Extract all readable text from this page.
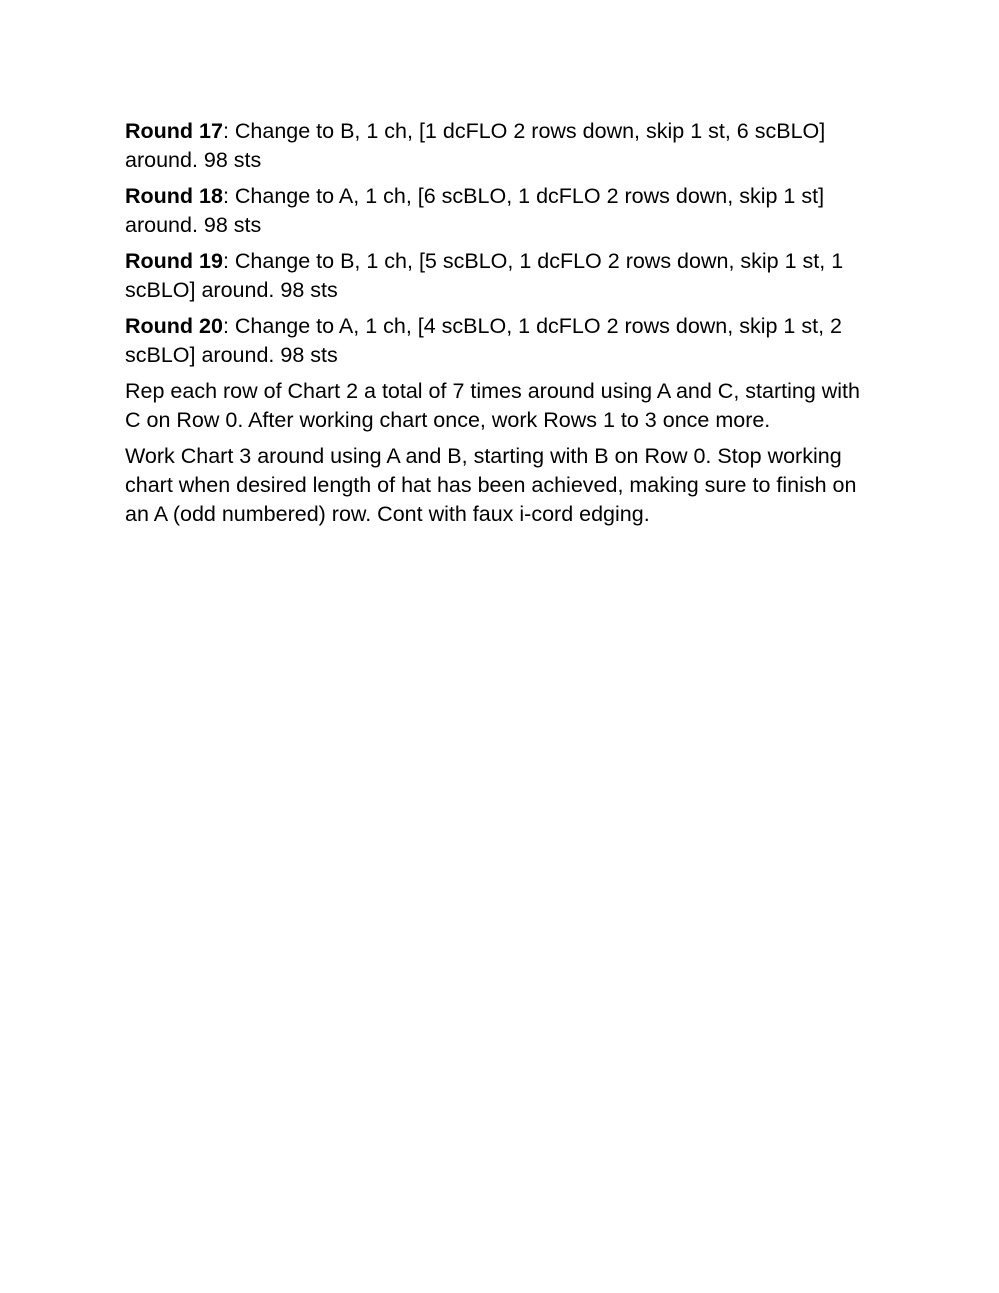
Round 17: Change to B, 1 ch, [1 dcFLO 2 rows down, skip 1 st, 6 scBLO] around. 98 sts

Round 18: Change to A, 1 ch, [6 scBLO, 1 dcFLO 2 rows down, skip 1 st] around. 98 sts

Round 19: Change to B, 1 ch, [5 scBLO, 1 dcFLO 2 rows down, skip 1 st, 1 scBLO] around. 98 sts

Round 20: Change to A, 1 ch, [4 scBLO, 1 dcFLO 2 rows down, skip 1 st, 2 scBLO] around. 98 sts

Rep each row of Chart 2 a total of 7 times around using A and C, starting with C on Row 0. After working chart once, work Rows 1 to 3 once more.

Work Chart 3 around using A and B, starting with B on Row 0. Stop working chart when desired length of hat has been achieved, making sure to finish on an A (odd numbered) row. Cont with faux i-cord edging.
